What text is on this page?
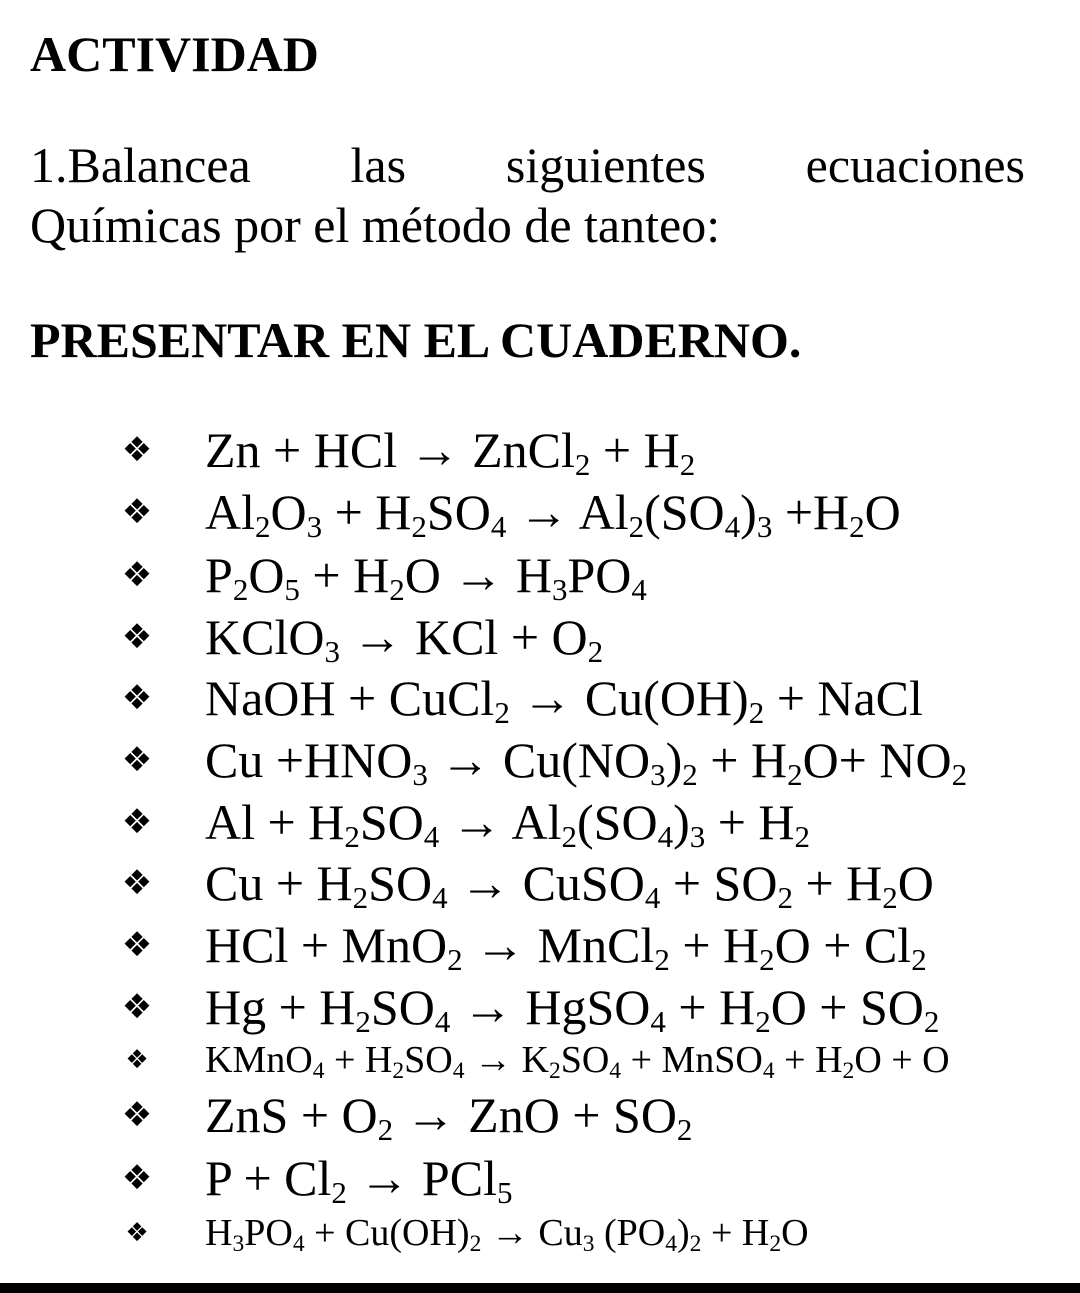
ACTIVIDAD
1.Balancea las siguientes ecuaciones
Químicas por el método de tanteo:
PRESENTAR EN EL CUADERNO.
❖ Zn + HCl → ZnCl$_2$ + $H_2$
❖ $Al_2O_3 + H_2SO_4 \to Al_2(SO_4)_3 +H_2O$
❖ $P_2O_5 + H_2O \to H_3PO_4$
❖ KClO$_3$ → KCl + $O_2$
❖ NaOH + CuCl$_2$ → $Cu(OH)_2$ + NaCl
❖ $Cu +HNO_3 \to Cu(NO_3)_2 + H_2O+ NO_2$
❖ $Al + H_2SO_4 \to Al_2(SO_4)_3 + H_2$
❖ $Cu + H_2SO_4$ → CuSO$_4$ + $SO_2 + H_2O$
❖ HCl + MnO$_2$ → MnCl$_2$ + $H_2O + Cl_2$
❖ $Hg + H_2SO_4$ → HgSO$_4$ + $H_2O + SO_2$
❖ KMnO$_4$ + $H_2SO_4 \to K_2SO_4$ + MnSO$_4$ + $H_2O + O$
❖ ZnS + $O_2$ → ZnO + $SO_2$
❖ $P + Cl_2 \to PCl_5$
❖ $H_3PO_4 + Cu(OH)_2 \to Cu_3$ $(PO_4)_2 + H_2O$
